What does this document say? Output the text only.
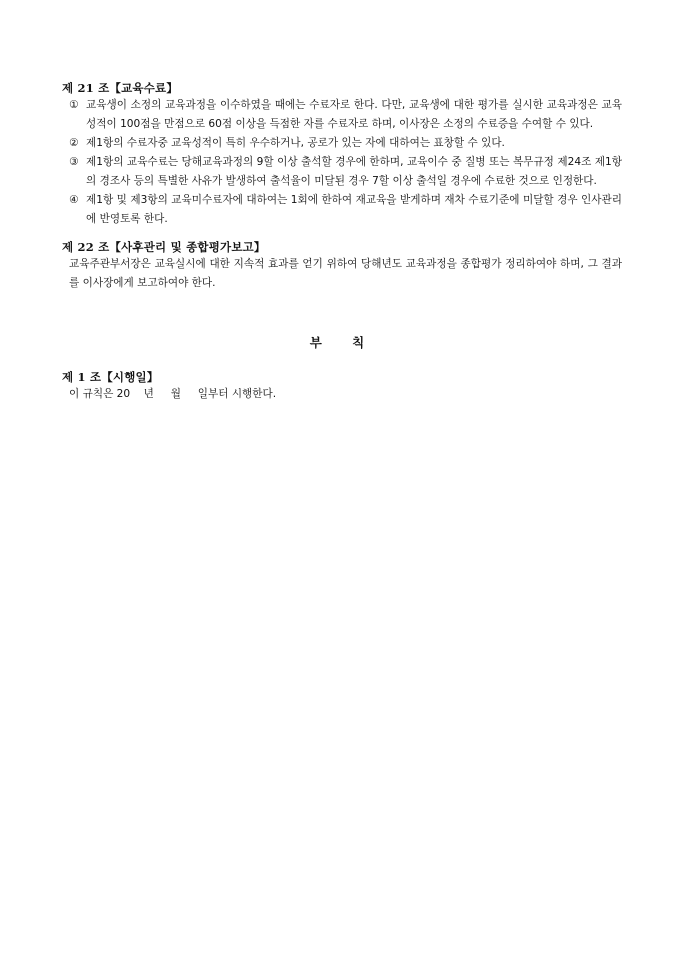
제 21 조【교육수료】

① 교육생이 소정의 교육과정을 이수하였을 때에는 수료자로 한다. 다만, 교육생에 대한 평가를 실시한 교육과정은 교육성적이 100점을 만점으로 60점 이상을 득점한 자를 수료자로 하며, 이사장은 소정의 수료증을 수여할 수 있다.
② 제1항의 수료자중 교육성적이 특히 우수하거나, 공로가 있는 자에 대하여는 표창할 수 있다.
③ 제1항의 교육수료는 당해교육과정의 9할 이상 출석할 경우에 한하며, 교육이수 중 질병 또는 복무규정 제24조 제1항의 경조사 등의 특별한 사유가 발생하여 출석율이 미달된 경우 7할 이상 출석일 경우에 수료한 것으로 인정한다.
④ 제1항 및 제3항의 교육미수료자에 대하여는 1회에 한하여 재교육을 받게하며 재차 수료기준에 미달할 경우 인사관리에 반영토록 한다.

제 22 조【사후관리 및 종합평가보고】

교육주관부서장은 교육실시에 대한 지속적 효과를 얻기 위하여 당해년도 교육과정을 종합평가 정리하여야 하며, 그 결과를 이사장에게 보고하여야 한다.

부 칙

제 1 조【시행일】

이 규칙은 20    년     월     일부터 시행한다.
